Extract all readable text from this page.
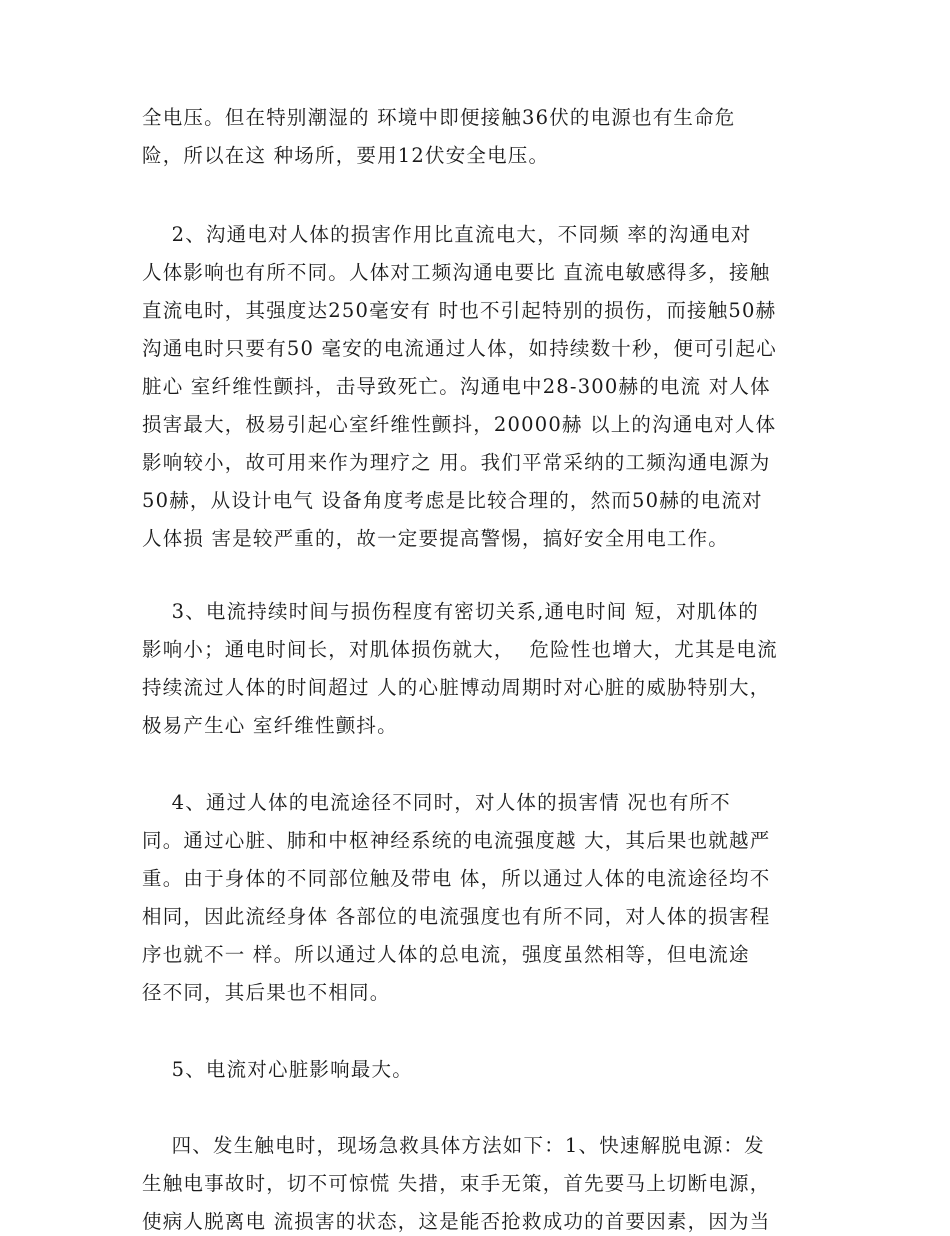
全电压。但在特别潮湿的 环境中即便接触36伏的电源也有生命危
险，所以在这 种场所，要用12伏安全电压。
2、沟通电对人体的损害作用比直流电大，不同频 率的沟通电对
人体影响也有所不同。人体对工频沟通电要比 直流电敏感得多，接触
直流电时，其强度达250毫安有 时也不引起特别的损伤，而接触50赫
沟通电时只要有50 毫安的电流通过人体，如持续数十秒，便可引起心
脏心 室纤维性颤抖，击导致死亡。沟通电中28-300赫的电流 对人体
损害最大，极易引起心室纤维性颤抖，20000赫 以上的沟通电对人体
影响较小，故可用来作为理疗之 用。我们平常采纳的工频沟通电源为
50赫，从设计电气 设备角度考虑是比较合理的，然而50赫的电流对
人体损 害是较严重的，故一定要提高警惕，搞好安全用电工作。
3、电流持续时间与损伤程度有密切关系,通电时间 短，对肌体的
影响小；通电时间长，对肌体损伤就大，  危险性也增大，尤其是电流
持续流过人体的时间超过 人的心脏博动周期时对心脏的威胁特别大，
极易产生心 室纤维性颤抖。
4、通过人体的电流途径不同时，对人体的损害情 况也有所不
同。通过心脏、肺和中枢神经系统的电流强度越 大，其后果也就越严
重。由于身体的不同部位触及带电 体，所以通过人体的电流途径均不
相同，因此流经身体 各部位的电流强度也有所不同，对人体的损害程
序也就不一 样。所以通过人体的总电流，强度虽然相等，但电流途
径不同，其后果也不相同。
5、电流对心脏影响最大。
四、发生触电时，现场急救具体方法如下：1、快速解脱电源：发
生触电事故时，切不可惊慌 失措，束手无策，首先要马上切断电源，
使病人脱离电 流损害的状态，这是能否抢救成功的首要因素，因为当
